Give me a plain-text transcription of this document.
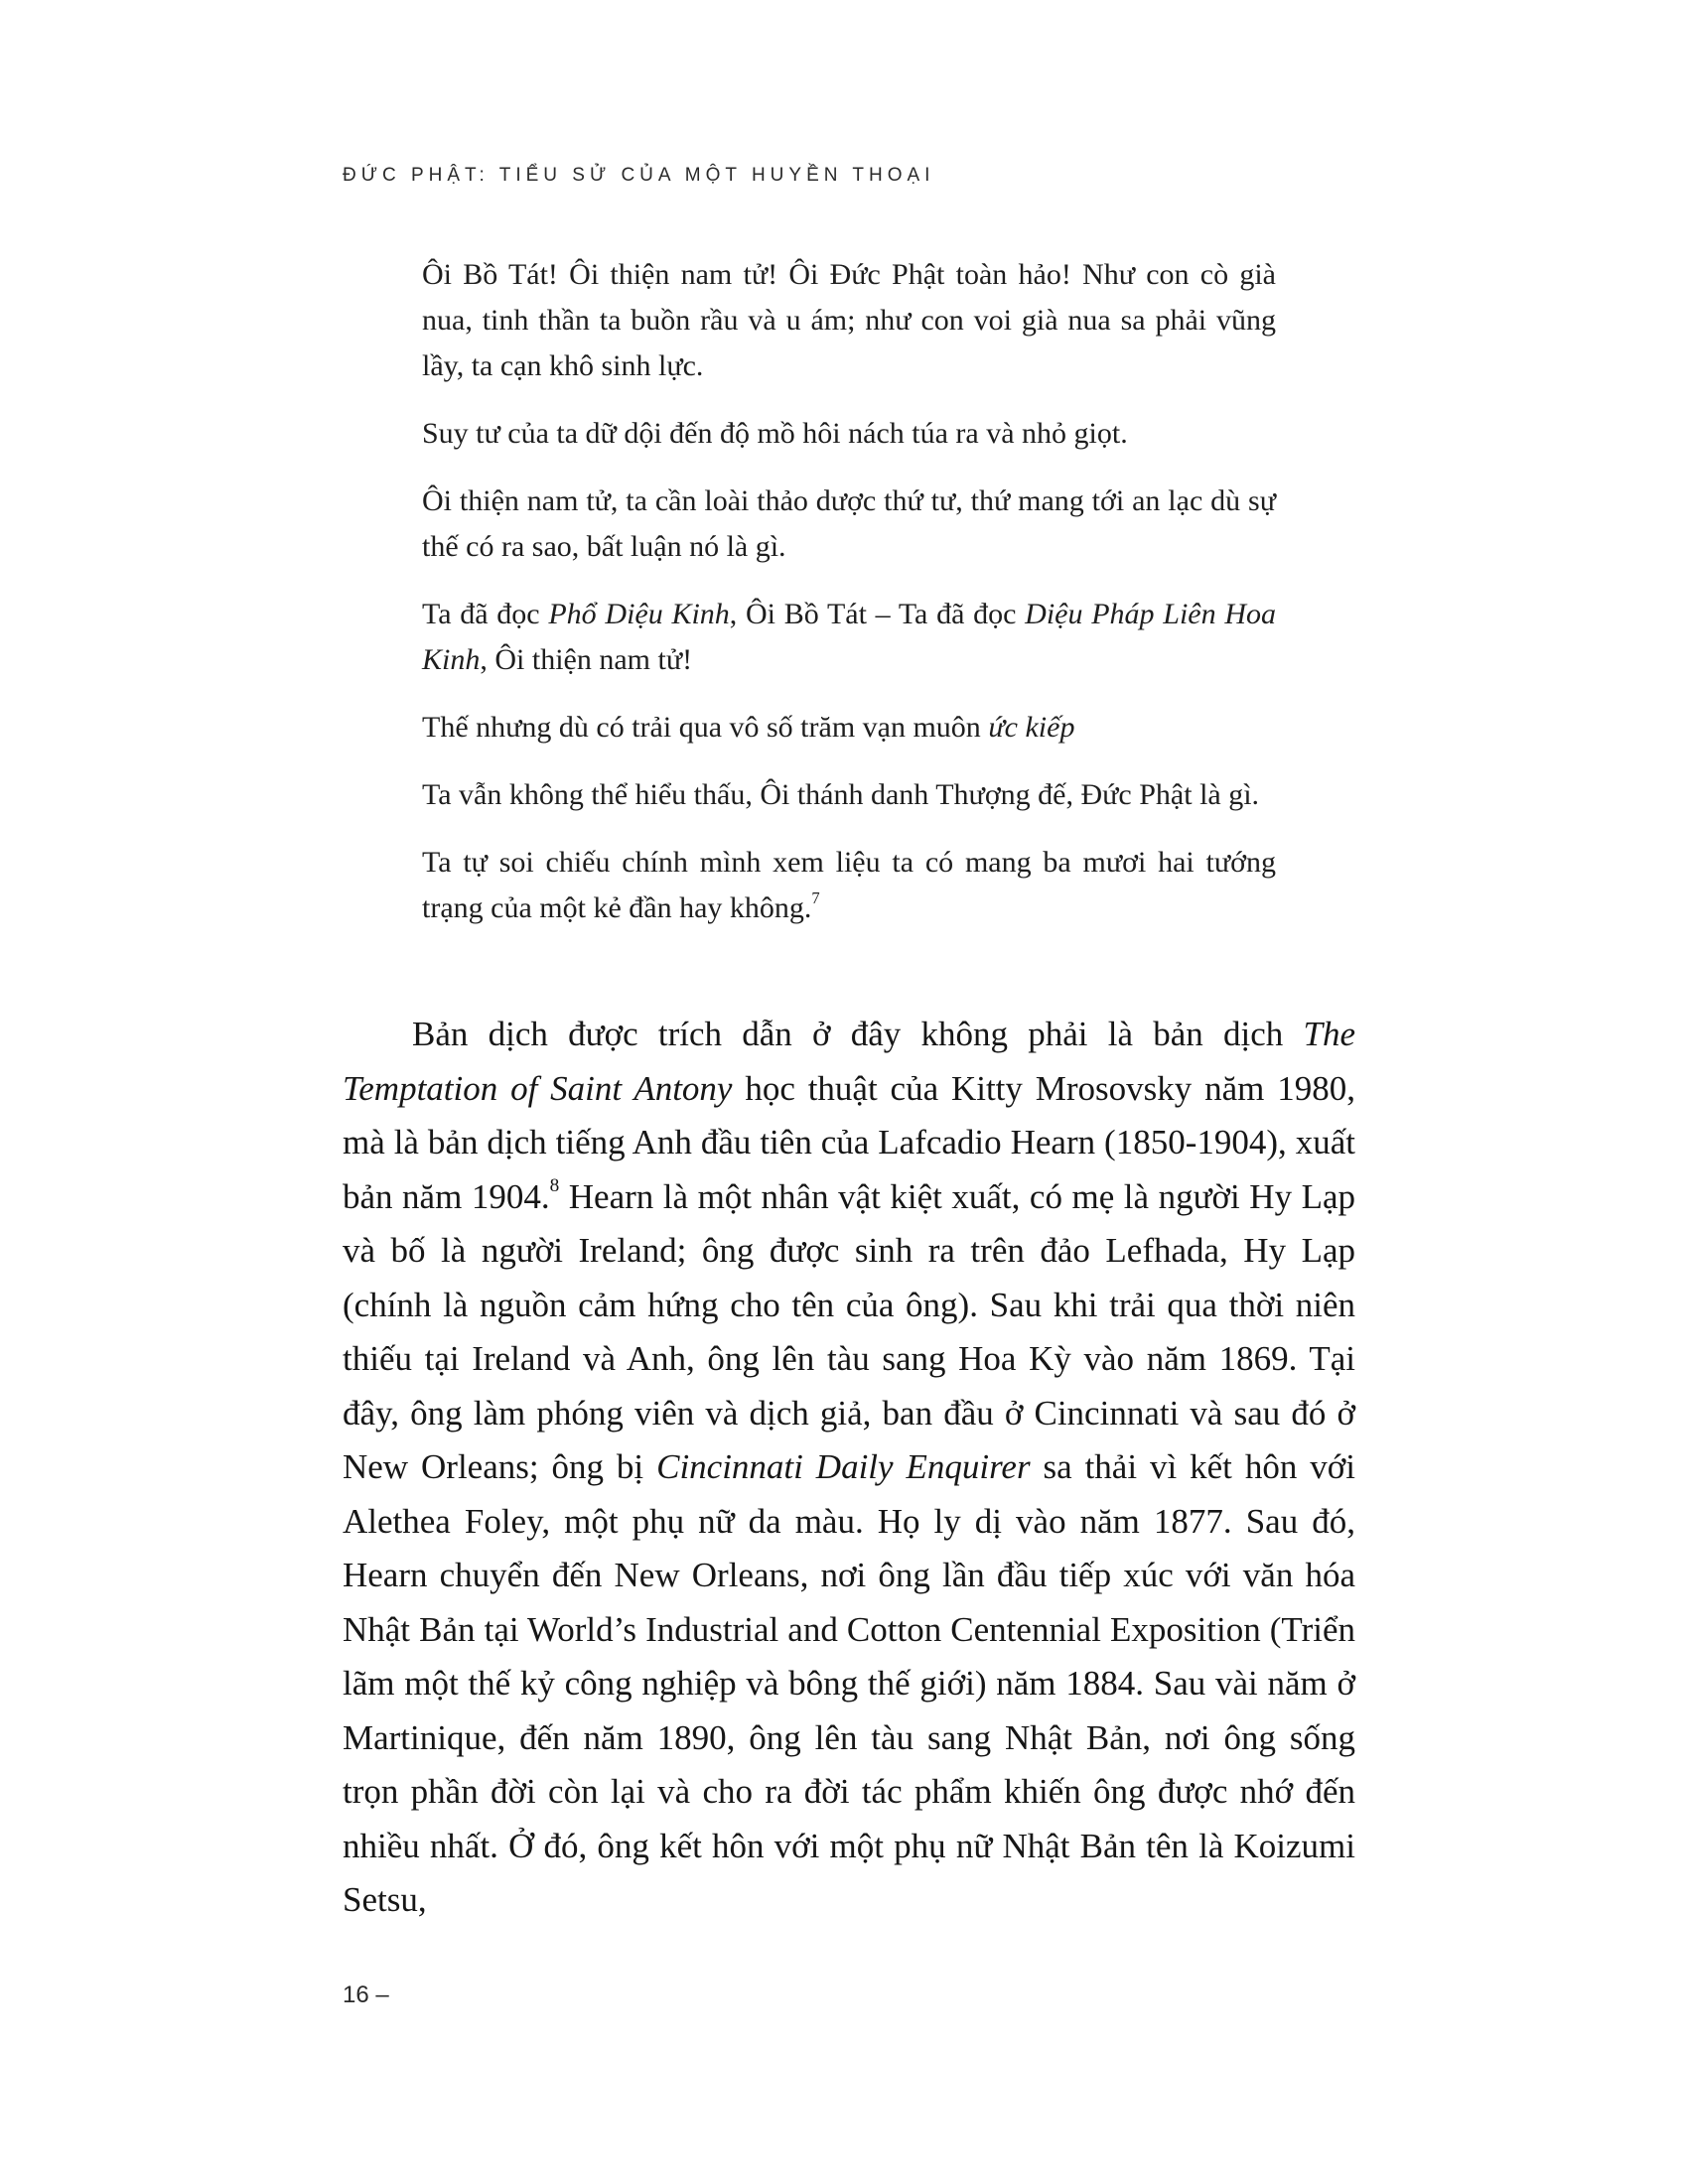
ĐỨC PHẬT: TIỂU SỬ CỦA MỘT HUYỀN THOẠI

Ôi Bồ Tát! Ôi thiện nam tử! Ôi Đức Phật toàn hảo! Như con cò già nua, tinh thần ta buồn rầu và u ám; như con voi già nua sa phải vũng lầy, ta cạn khô sinh lực.

Suy tư của ta dữ dội đến độ mồ hôi nách túa ra và nhỏ giọt.

Ôi thiện nam tử, ta cần loài thảo dược thứ tư, thứ mang tới an lạc dù sự thế có ra sao, bất luận nó là gì.

Ta đã đọc Phổ Diệu Kinh, Ôi Bồ Tát – Ta đã đọc Diệu Pháp Liên Hoa Kinh, Ôi thiện nam tử!

Thế nhưng dù có trải qua vô số trăm vạn muôn ức kiếp

Ta vẫn không thể hiểu thấu, Ôi thánh danh Thượng đế, Đức Phật là gì.

Ta tự soi chiếu chính mình xem liệu ta có mang ba mươi hai tướng trạng của một kẻ đần hay không.$^7$

Bản dịch được trích dẫn ở đây không phải là bản dịch The Temptation of Saint Antony học thuật của Kitty Mrosovsky năm 1980, mà là bản dịch tiếng Anh đầu tiên của Lafcadio Hearn (1850-1904), xuất bản năm 1904.$^8$ Hearn là một nhân vật kiệt xuất, có mẹ là người Hy Lạp và bố là người Ireland; ông được sinh ra trên đảo Lefhada, Hy Lạp (chính là nguồn cảm hứng cho tên của ông). Sau khi trải qua thời niên thiếu tại Ireland và Anh, ông lên tàu sang Hoa Kỳ vào năm 1869. Tại đây, ông làm phóng viên và dịch giả, ban đầu ở Cincinnati và sau đó ở New Orleans; ông bị Cincinnati Daily Enquirer sa thải vì kết hôn với Alethea Foley, một phụ nữ da màu. Họ ly dị vào năm 1877. Sau đó, Hearn chuyển đến New Orleans, nơi ông lần đầu tiếp xúc với văn hóa Nhật Bản tại World’s Industrial and Cotton Centennial Exposition (Triển lãm một thế kỷ công nghiệp và bông thế giới) năm 1884. Sau vài năm ở Martinique, đến năm 1890, ông lên tàu sang Nhật Bản, nơi ông sống trọn phần đời còn lại và cho ra đời tác phẩm khiến ông được nhớ đến nhiều nhất. Ở đó, ông kết hôn với một phụ nữ Nhật Bản tên là Koizumi Setsu,

16 –
